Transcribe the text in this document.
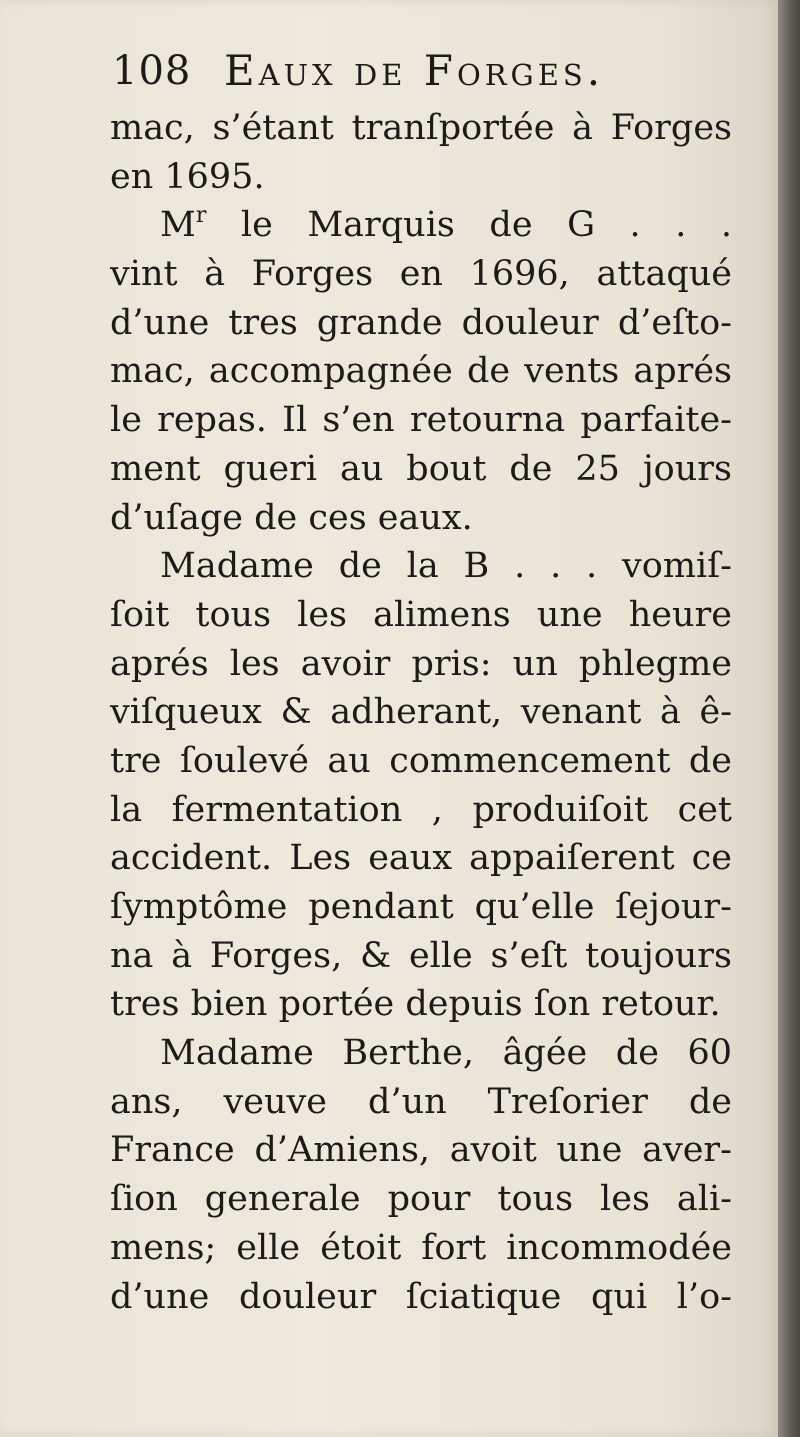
108 Eaux de Forges.
mac, s’étant tranſportée à Forges
en 1695.
$M^r$ le Marquis de G . . .
vint à Forges en 1696, attaqué
d’une tres grande douleur d’eſto-
mac, accompagnée de vents aprés
le repas. Il s’en retourna parfaite-
ment gueri au bout de 25 jours
d’uſage de ces eaux.
Madame de la B . . . vomiſ-
ſoit tous les alimens une heure
aprés les avoir pris: un phlegme
viſqueux & adherant, venant à ê-
tre ſoulevé au commencement de
la fermentation , produiſoit cet
accident. Les eaux appaiſerent ce
ſymptôme pendant qu’elle ſejour-
na à Forges, & elle s’eſt toujours
tres bien portée depuis ſon retour.
Madame Berthe, âgée de 60
ans, veuve d’un Treſorier de
France d’Amiens, avoit une aver-
ſion generale pour tous les ali-
mens; elle étoit fort incommodée
d’une douleur ſciatique qui l’o-
